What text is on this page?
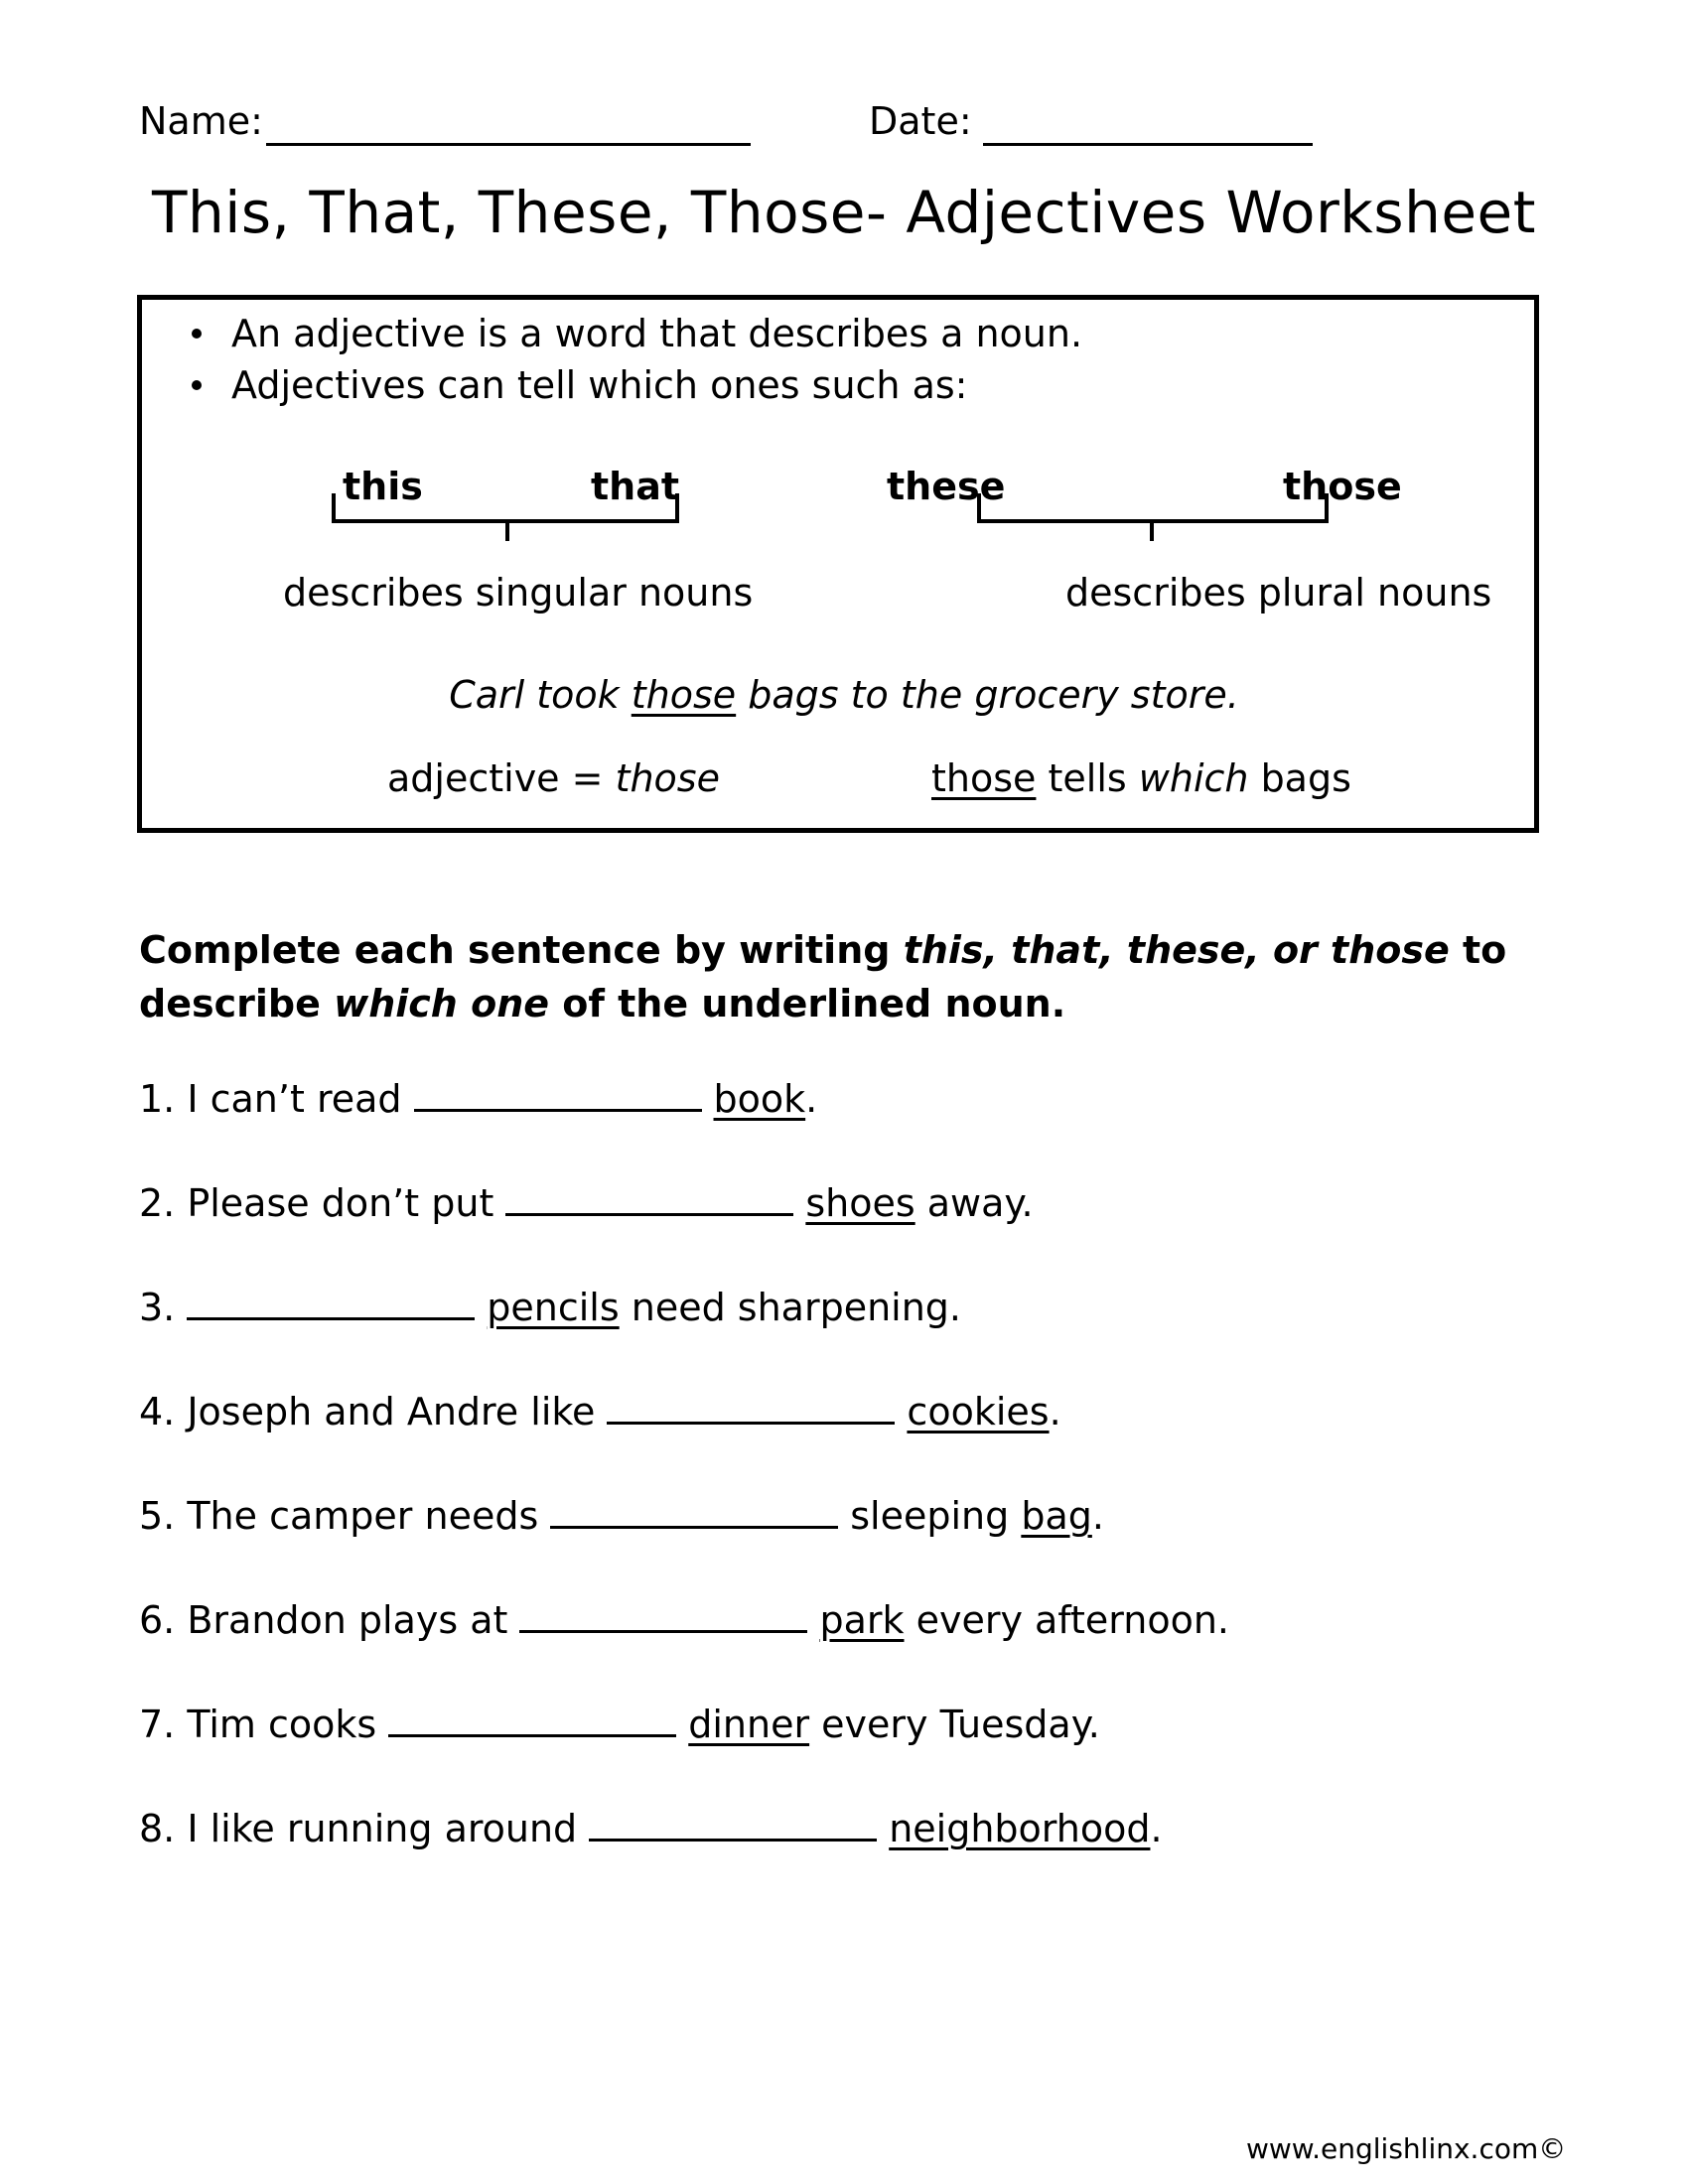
Name:	Date:
This, That, These, Those- Adjectives Worksheet
An adjective is a word that describes a noun.
Adjectives can tell which ones such as:
this	that	these	those
describes singular nouns	describes plural nouns
Carl took those bags to the grocery store.
adjective = those	those tells which bags
Complete each sentence by writing this, that, these, or those to describe which one of the underlined noun.
1. I can’t read	book.
2. Please don’t put	shoes away.
3.	pencils need sharpening.
4. Joseph and Andre like	cookies.
5. The camper needs	sleeping bag.
6. Brandon plays at	park every afternoon.
7. Tim cooks	dinner every Tuesday.
8. I like running around	neighborhood.
www.englishlinx.com©
